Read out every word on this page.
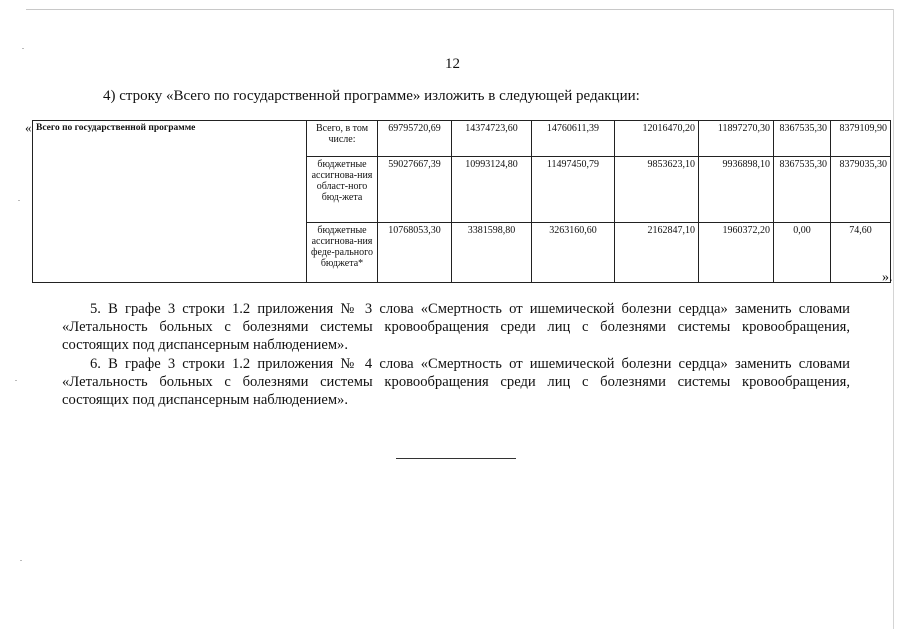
12
4) строку «Всего по государственной программе» изложить в следующей редакции:
« Всего по государственной программе	Всего, в том числе:	69795720,69	14374723,60	14760611,39	12016470,20	11897270,30	8367535,30	8379109,90
	бюджетные ассигнова-ния област-ного бюд-жета	59027667,39	10993124,80	11497450,79	9853623,10	9936898,10	8367535,30	8379035,30
	бюджетные ассигнова-ния феде-рального бюджета*	10768053,30	3381598,80	3263160,60	2162847,10	1960372,20	0,00	74,60
».
5. В графе 3 строки 1.2 приложения № 3 слова «Смертность от ишемической болезни сердца» заменить словами
«Летальность больных с болезнями системы кровообращения среди лиц с болезнями системы кровообращения,
состоящих под диспансерным наблюдением».
6. В графе 3 строки 1.2 приложения № 4 слова «Смертность от ишемической болезни сердца» заменить словами
«Летальность больных с болезнями системы кровообращения среди лиц с болезнями системы кровообращения,
состоящих под диспансерным наблюдением».
